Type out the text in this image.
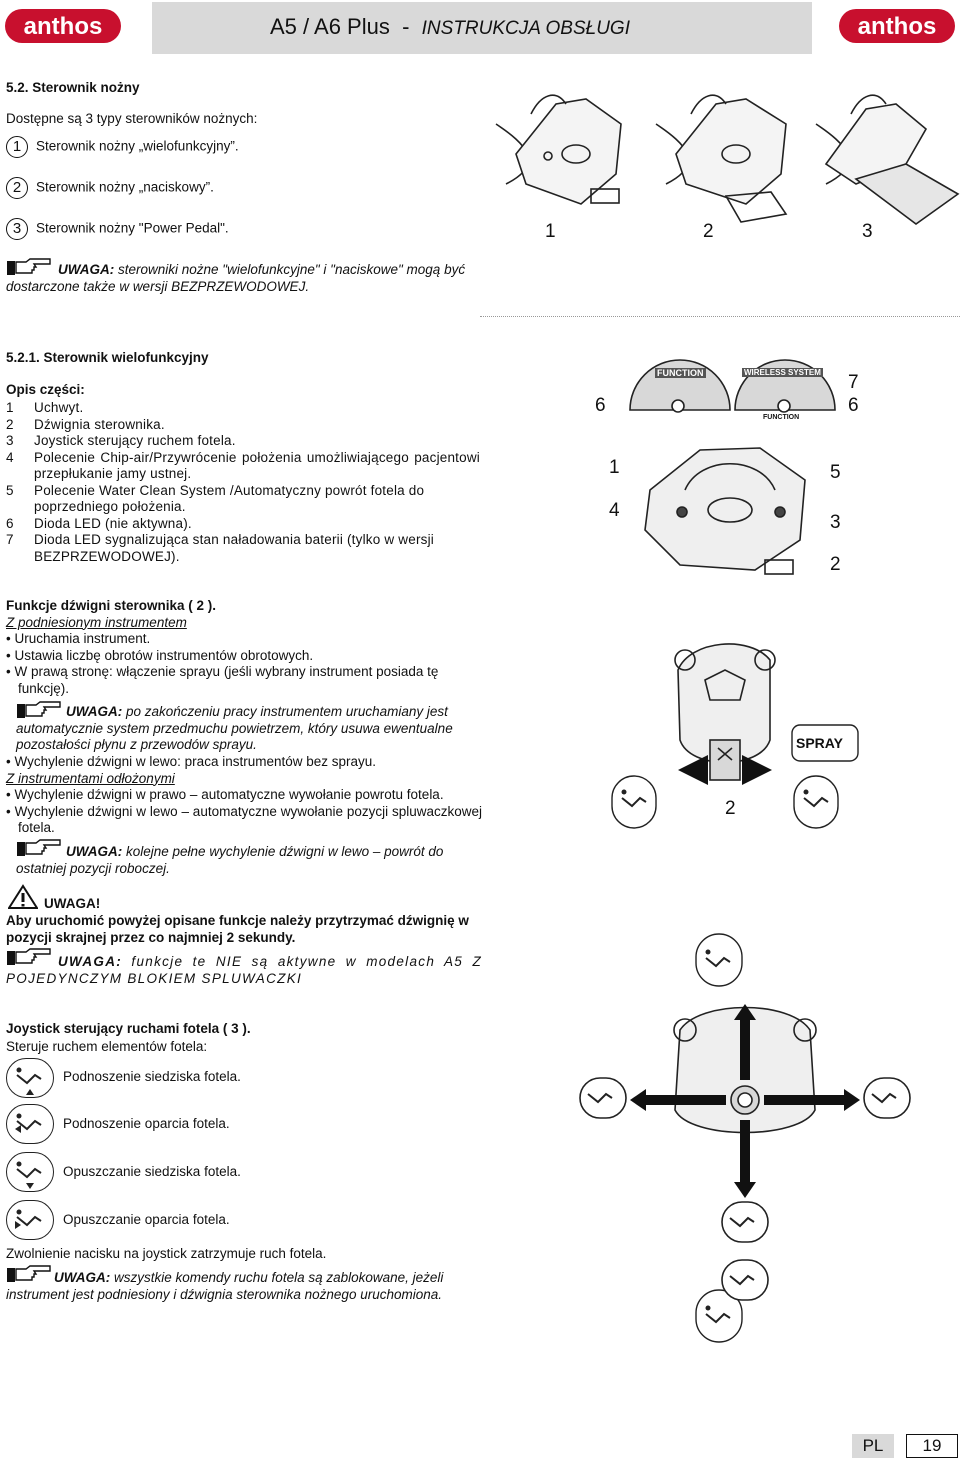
anthos	A5 / A6 Plus - INSTRUKCJA OBSŁUGI	anthos
5.2. Sterownik nożny
Dostępne są 3 typy sterowników nożnych:
1 Sterownik nożny „wielofunkcyjny”.
2 Sterownik nożny „naciskowy”.
3 Sterownik nożny "Power Pedal".
UWAGA: sterowniki nożne "wielofunkcyjne" i "naciskowe" mogą być dostarczone także w wersji BEZPRZEWODOWEJ.
1	2	3
5.2.1. Sterownik wielofunkcyjny
Opis części:
1	Uchwyt.
2	Dźwignia sterownika.
3	Joystick sterujący ruchem fotela.
4	Polecenie Chip-air/Przywrócenie położenia umożliwiającego pacjentowi przepłukanie jamy ustnej.
5	Polecenie Water Clean System /Automatyczny powrót fotela do poprzedniego położenia.
6	Dioda LED (nie aktywna).
7	Dioda LED sygnalizująca stan naładowania baterii (tylko w wersji BEZPRZEWODOWEJ).
FUNCTION	WIRELESS SYSTEM
FUNCTION
6
1
4
7
6
5
3
2
Funkcje dźwigni sterownika ( 2 ).
Z podniesionym instrumentem
• Uruchamia instrument.
• Ustawia liczbę obrotów instrumentów obrotowych.
• W prawą stronę: włączenie sprayu (jeśli wybrany instrument posiada tę funkcję).
UWAGA: po zakończeniu pracy instrumentem uruchamiany jest automatycznie system przedmuchu powietrzem, który usuwa ewentualne pozostałości płynu z przewodów sprayu.
• Wychylenie dźwigni w lewo: praca instrumentów bez sprayu.
Z instrumentami odłożonymi
• Wychylenie dźwigni w prawo – automatyczne wywołanie powrotu fotela.
• Wychylenie dźwigni w lewo – automatyczne wywołanie pozycji spluwaczkowej fotela.
UWAGA: kolejne pełne wychylenie dźwigni w lewo – powrót do ostatniej pozycji roboczej.
SPRAY
2
UWAGA!
Aby uruchomić powyżej opisane funkcje należy przytrzymać dźwignię w pozycji skrajnej przez co najmniej 2 sekundy.
UWAGA: funkcje te NIE są aktywne w modelach A5 Z POJEDYNCZYM BLOKIEM SPLUWACZKI
Joystick sterujący ruchami fotela ( 3 ).
Steruje ruchem elementów fotela:
Podnoszenie siedziska fotela.
Podnoszenie oparcia fotela.
Opuszczanie siedziska fotela.
Opuszczanie oparcia fotela.
Zwolnienie nacisku na joystick zatrzymuje ruch fotela.
UWAGA: wszystkie komendy ruchu fotela są zablokowane, jeżeli instrument jest podniesiony i dźwignia sterownika nożnego uruchomiona.
PL	19
